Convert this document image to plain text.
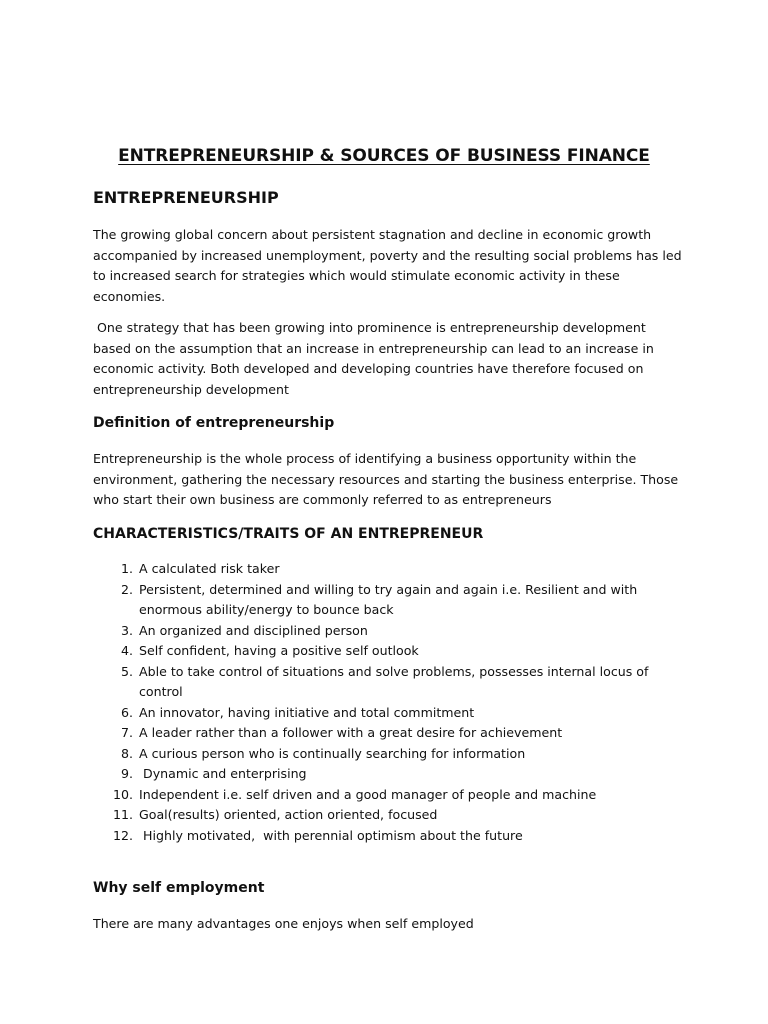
ENTREPRENEURSHIP & SOURCES OF BUSINESS FINANCE
ENTREPRENEURSHIP

The growing global concern about persistent stagnation and decline in economic growth accompanied by increased unemployment, poverty and the resulting social problems has led to increased search for strategies which would stimulate economic activity in these economies.

One strategy that has been growing into prominence is entrepreneurship development based on the assumption that an increase in entrepreneurship can lead to an increase in economic activity. Both developed and developing countries have therefore focused on entrepreneurship development

Definition of entrepreneurship

Entrepreneurship is the whole process of identifying a business opportunity within the environment, gathering the necessary resources and starting the business enterprise. Those who start their own business are commonly referred to as entrepreneurs

CHARACTERISTICS/TRAITS OF AN ENTREPRENEUR
1. A calculated risk taker
2. Persistent, determined and willing to try again and again i.e. Resilient and with enormous ability/energy to bounce back
3. An organized and disciplined person
4. Self confident, having a positive self outlook
5. Able to take control of situations and solve problems, possesses internal locus of control
6. An innovator, having initiative and total commitment
7. A leader rather than a follower with a great desire for achievement
8. A curious person who is continually searching for information
9. Dynamic and enterprising
10. Independent i.e. self driven and a good manager of people and machine
11. Goal(results) oriented, action oriented, focused
12. Highly motivated,  with perennial optimism about the future
Why self employment

There are many advantages one enjoys when self employed
